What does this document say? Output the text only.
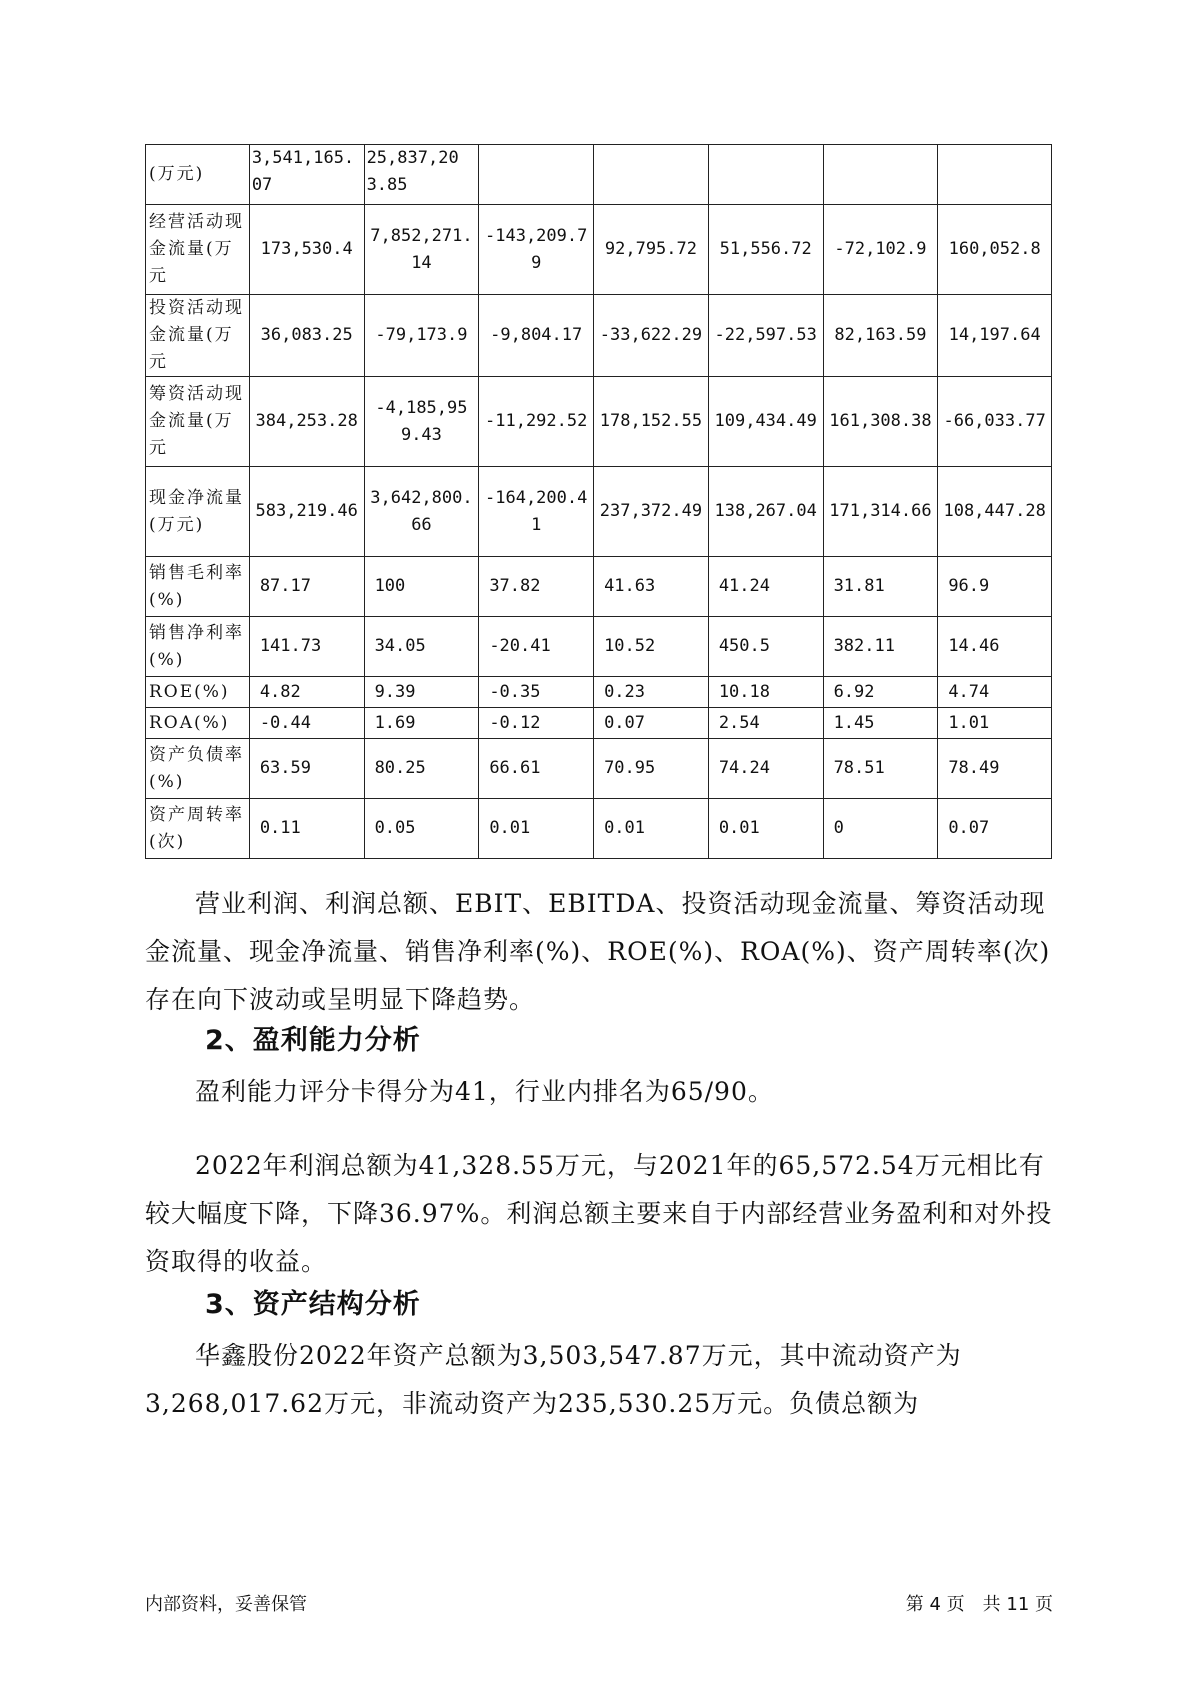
(万元)	3,541,165.07	25,837,203.85					
经营活动现金流量(万元	173,530.4	7,852,271.14	-143,209.79	92,795.72	51,556.72	-72,102.9	160,052.8
投资活动现金流量(万元	36,083.25	-79,173.9	-9,804.17	-33,622.29	-22,597.53	82,163.59	14,197.64
筹资活动现金流量(万元	384,253.28	-4,185,959.43	-11,292.52	178,152.55	109,434.49	161,308.38	-66,033.77
现金净流量(万元)	583,219.46	3,642,800.66	-164,200.41	237,372.49	138,267.04	171,314.66	108,447.28
销售毛利率(%)	87.17	100	37.82	41.63	41.24	31.81	96.9
销售净利率(%)	141.73	34.05	-20.41	10.52	450.5	382.11	14.46
ROE(%)	4.82	9.39	-0.35	0.23	10.18	6.92	4.74
ROA(%)	-0.44	1.69	-0.12	0.07	2.54	1.45	1.01
资产负债率(%)	63.59	80.25	66.61	70.95	74.24	78.51	78.49
资产周转率(次)	0.11	0.05	0.01	0.01	0.01	0	0.07

营业利润、利润总额、EBIT、EBITDA、投资活动现金流量、筹资活动现金流量、现金净流量、销售净利率(%)、ROE(%)、ROA(%)、资产周转率(次)存在向下波动或呈明显下降趋势。

2、盈利能力分析

盈利能力评分卡得分为41，行业内排名为65/90。

2022年利润总额为41,328.55万元，与2021年的65,572.54万元相比有较大幅度下降，下降36.97%。利润总额主要来自于内部经营业务盈利和对外投资取得的收益。

3、资产结构分析

华鑫股份2022年资产总额为3,503,547.87万元，其中流动资产为3,268,017.62万元，非流动资产为235,530.25万元。负债总额为

内部资料，妥善保管	第 4 页　共 11 页
